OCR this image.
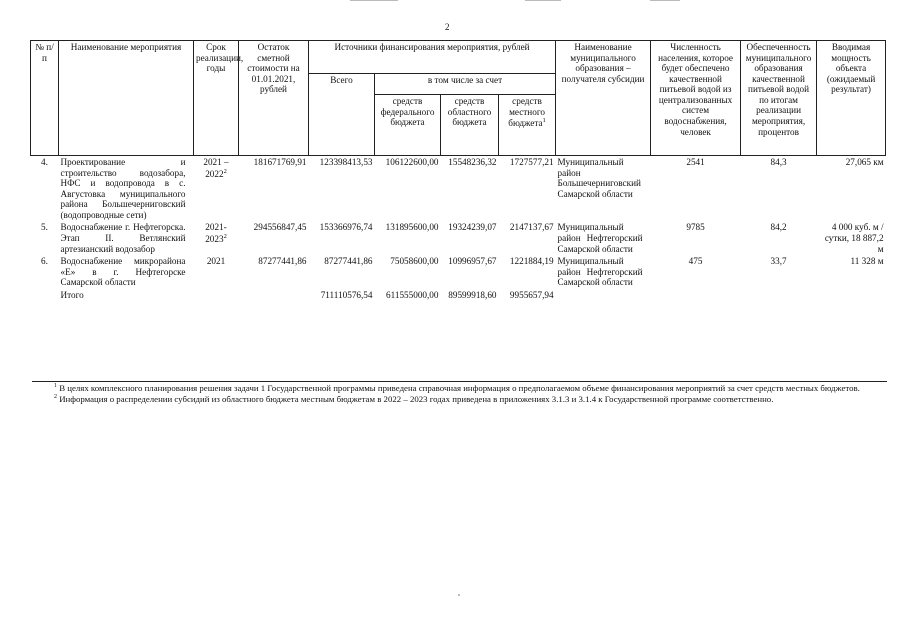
2
№ п/п	Наименование мероприятия	Срок реализации, годы	Остаток сметной стоимости на 01.01.2021, рублей	Источники финансирования мероприятия, рублей				Наименование муниципального образования – получателя субсидии	Численность населения, которое будет обеспечено качественной питьевой водой из централизованных систем водоснабжения, человек	Обеспеченность муниципального образования качественной питьевой водой по итогам реализации мероприятия, процентов	Вводимая мощность объекта (ожидаемый результат)
				Всего	в том числе за счет						
					средств федерального бюджета	средств областного бюджета	средств местного бюджета$^1$
4.	Проектирование и строительство водозабора, НФС и водопровода в с. Августовка муниципального района Большечерниговский (водопроводные сети)	2021 – 2022$^2$	181671769,91	123398413,53	106122600,00	15548236,32	1727577,21	Муниципальный район Большечерниговский Самарской области	2541	84,3	27,065 км
5.	Водоснабжение г. Нефтегорска. Этап II. Ветлянский артезианский водозабор	2021-2023$^2$	294556847,45	153366976,74	131895600,00	19324239,07	2147137,67	Муниципальный район Нефтегорский Самарской области	9785	84,2	4 000 куб. м / сутки, 18 887,2 м
6.	Водоснабжение микрорайона «Е» в г. Нефтегорске Самарской области	2021	87277441,86	87277441,86	75058600,00	10996957,67	1221884,19	Муниципальный район Нефтегорский Самарской области	475	33,7	11 328 м
	Итого			711110576,54	611555000,00	89599918,60	9955657,94				

$^1$ В целях комплексного планирования решения задачи 1 Государственной программы приведена справочная информация о предполагаемом объеме финансирования мероприятий за счет средств местных бюджетов.

$^2$ Информация о распределении субсидий из областного бюджета местным бюджетам в 2022 – 2023 годах приведена в приложениях 3.1.3 и 3.1.4 к Государственной программе соответственно.
